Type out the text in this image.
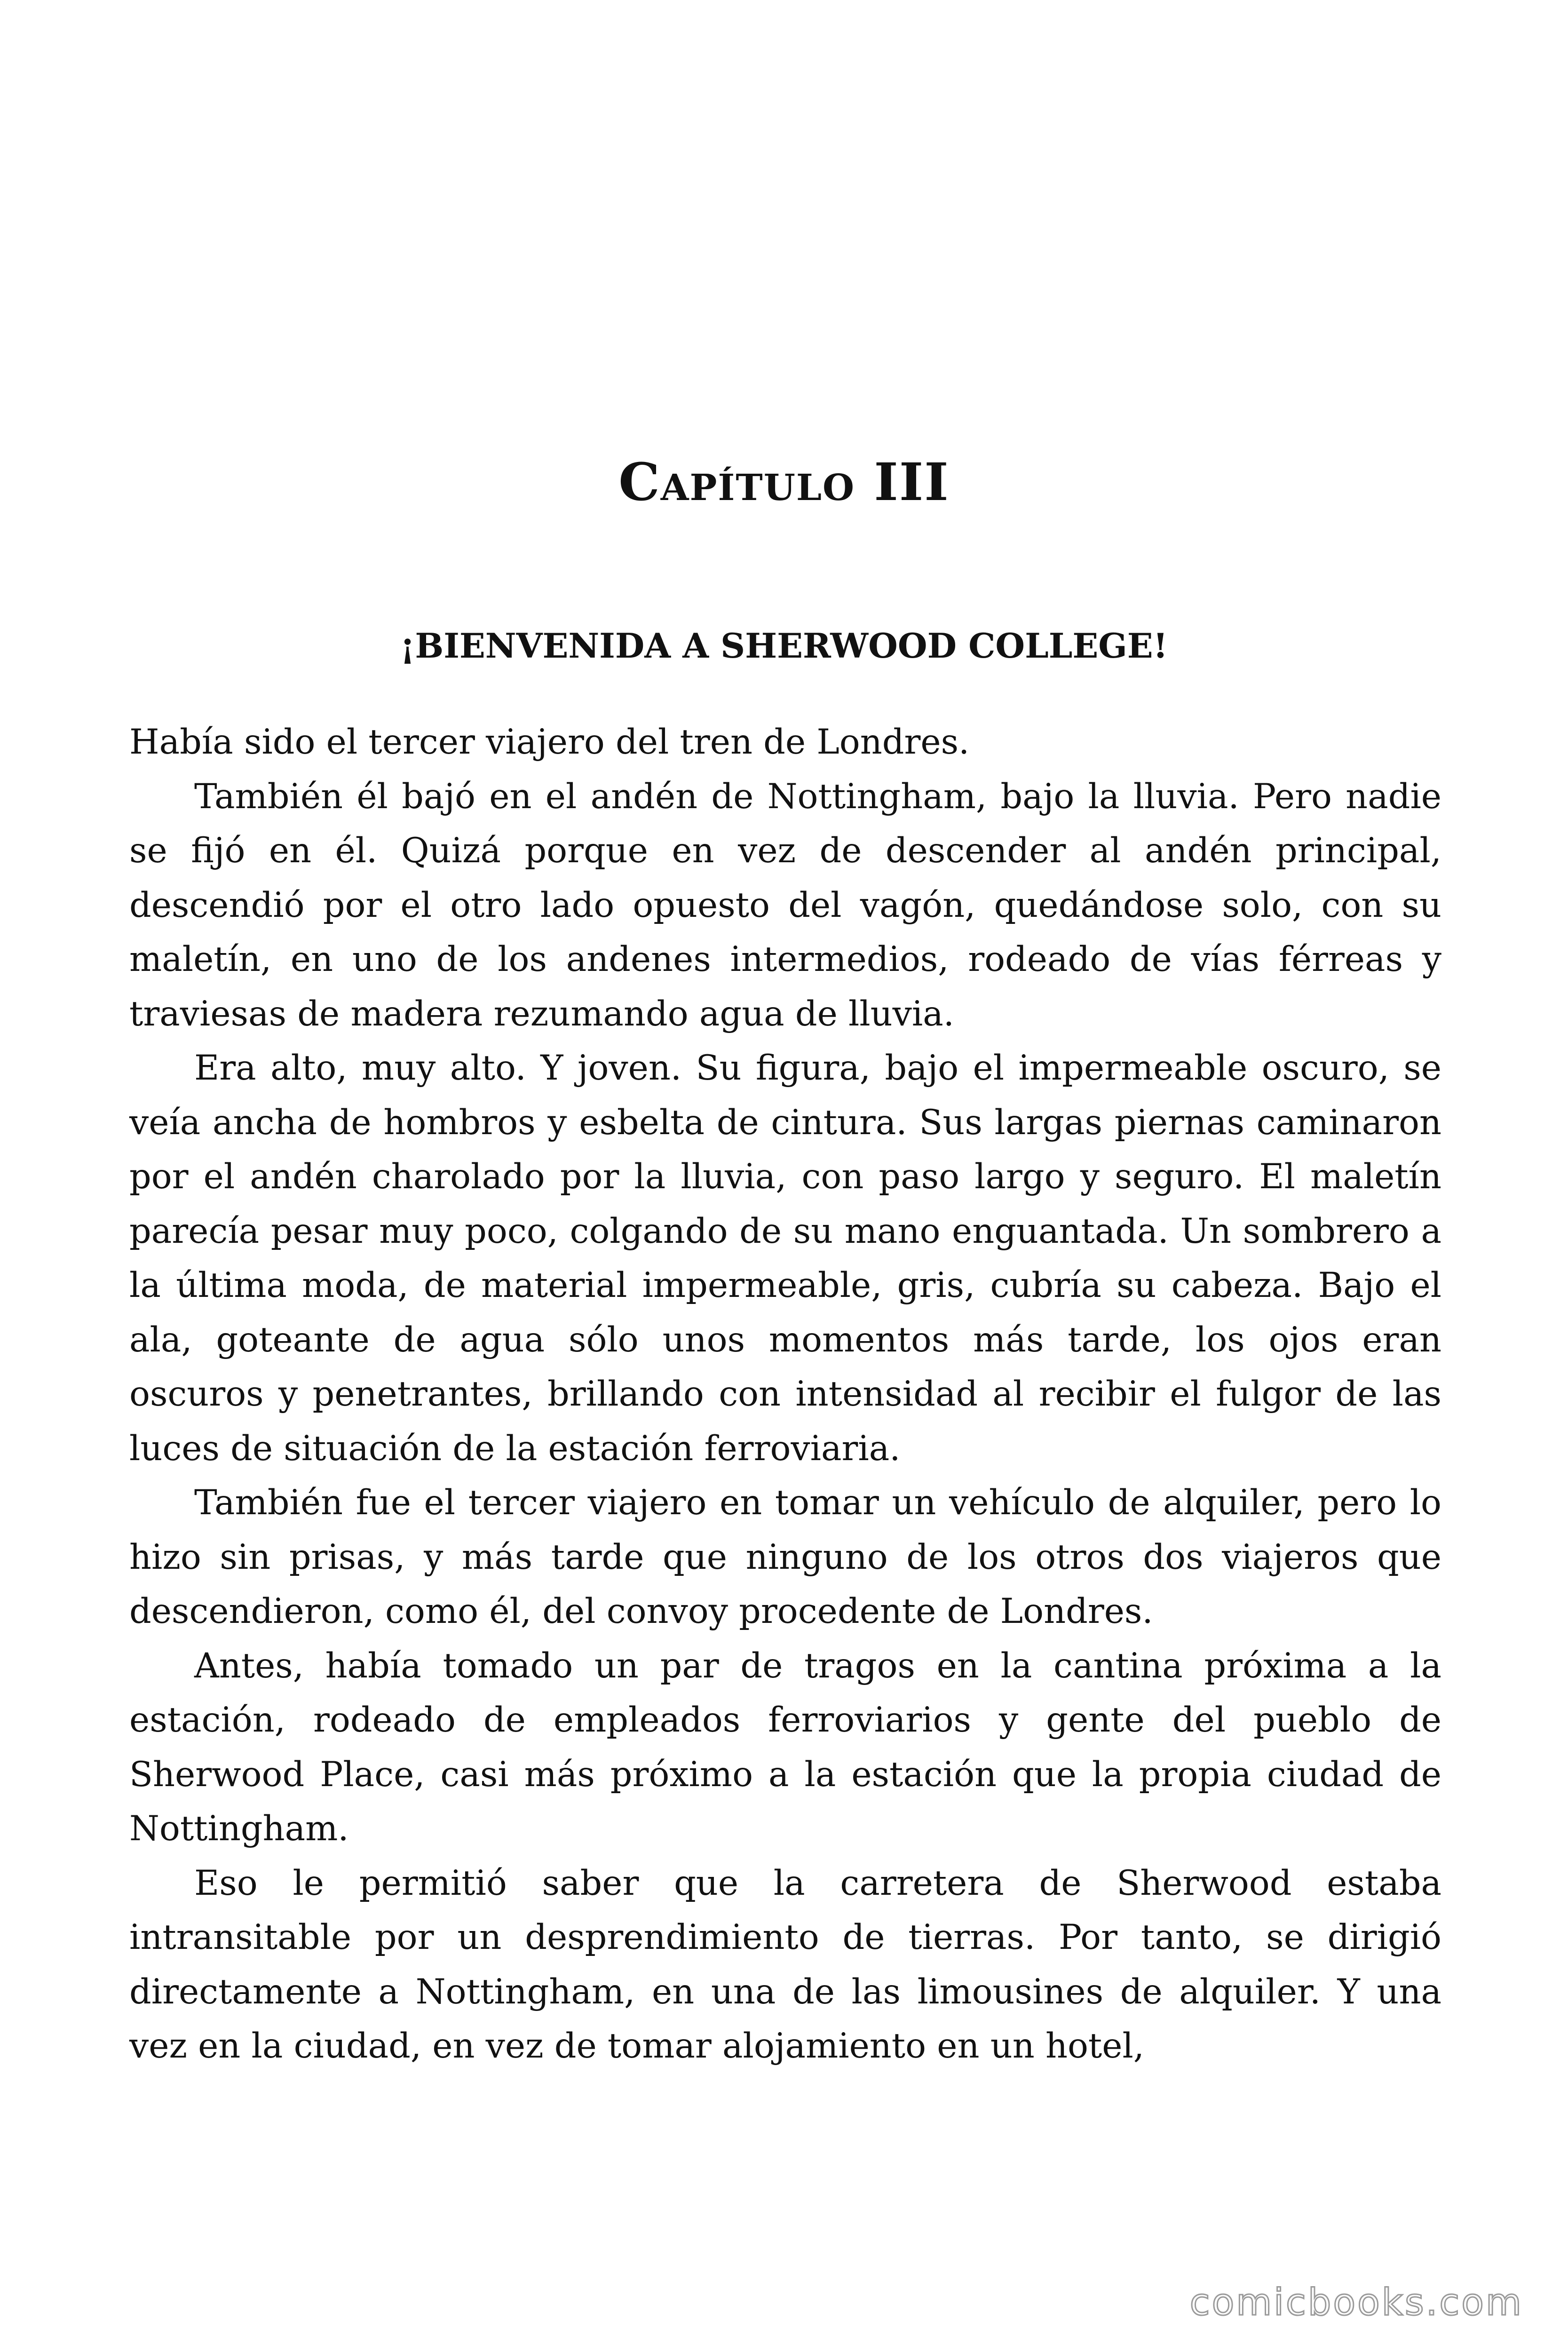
Capítulo III
¡BIENVENIDA A SHERWOOD COLLEGE!

Había sido el tercer viajero del tren de Londres.

También él bajó en el andén de Nottingham, bajo la lluvia. Pero nadie se fijó en él. Quizá porque en vez de descender al andén principal, descendió por el otro lado opuesto del vagón, quedándose solo, con su maletín, en uno de los andenes intermedios, rodeado de vías férreas y traviesas de madera rezumando agua de lluvia.

Era alto, muy alto. Y joven. Su figura, bajo el impermeable oscuro, se veía ancha de hombros y esbelta de cintura. Sus largas piernas caminaron por el andén charolado por la lluvia, con paso largo y seguro. El maletín parecía pesar muy poco, colgando de su mano enguantada. Un sombrero a la última moda, de material impermeable, gris, cubría su cabeza. Bajo el ala, goteante de agua sólo unos momentos más tarde, los ojos eran oscuros y penetrantes, brillando con intensidad al recibir el fulgor de las luces de situación de la estación ferroviaria.

También fue el tercer viajero en tomar un vehículo de alquiler, pero lo hizo sin prisas, y más tarde que ninguno de los otros dos viajeros que descendieron, como él, del convoy procedente de Londres.

Antes, había tomado un par de tragos en la cantina próxima a la estación, rodeado de empleados ferroviarios y gente del pueblo de Sherwood Place, casi más próximo a la estación que la propia ciudad de Nottingham.

Eso le permitió saber que la carretera de Sherwood estaba intransitable por un desprendimiento de tierras. Por tanto, se dirigió directamente a Nottingham, en una de las limousines de alquiler. Y una vez en la ciudad, en vez de tomar alojamiento en un hotel,

comicbooks.com
